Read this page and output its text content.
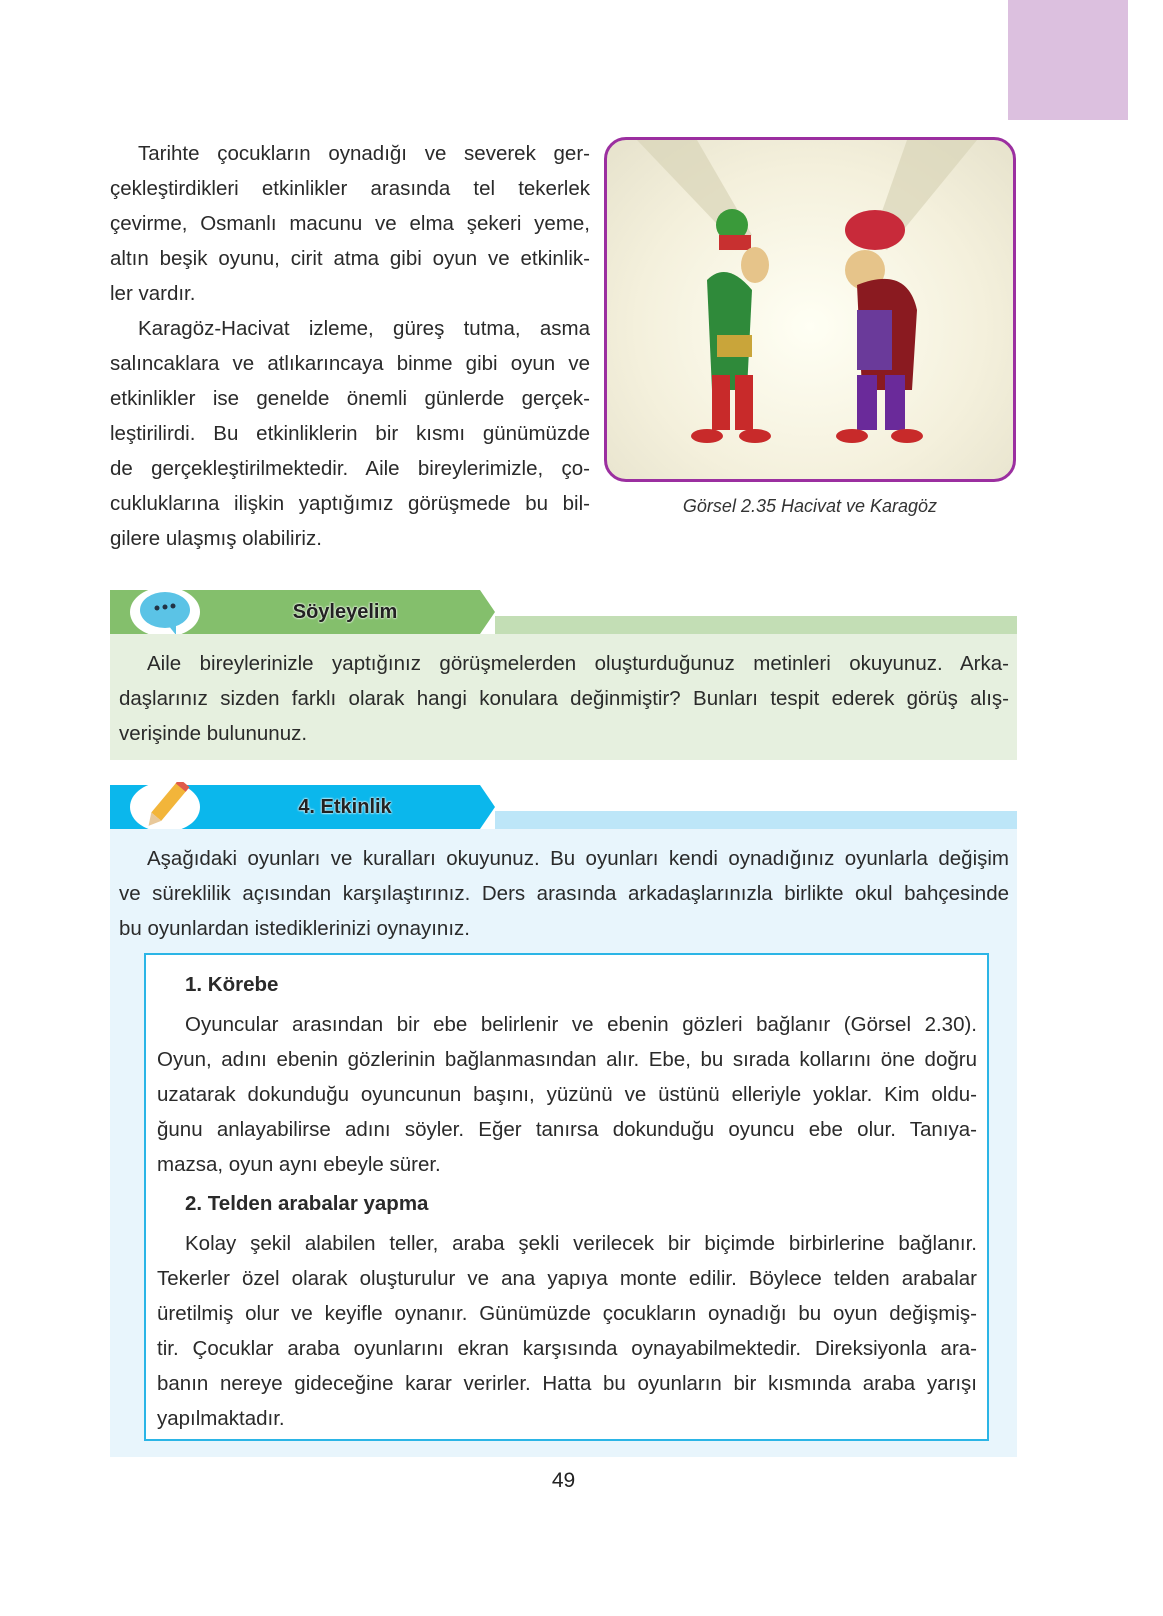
Tarihte çocukların oynadığı ve severek ger-
çekleştirdikleri etkinlikler arasında tel tekerlek
çevirme, Osmanlı macunu ve elma şekeri yeme,
altın beşik oyunu, cirit atma gibi oyun ve etkinlik-
ler vardır.
Karagöz-Hacivat izleme, güreş tutma, asma
salıncaklara ve atlıkarıncaya binme gibi oyun ve
etkinlikler ise genelde önemli günlerde gerçek-
leştirilirdi. Bu etkinliklerin bir kısmı günümüzde
de gerçekleştirilmektedir. Aile bireylerimizle, ço-
cukluklarına ilişkin yaptığımız görüşmede bu bil-
gilere ulaşmış olabiliriz.
Görsel 2.35 Hacivat ve Karagöz
Söyleyelim
Aile bireylerinizle yaptığınız görüşmelerden oluşturduğunuz metinleri okuyunuz. Arka-
daşlarınız sizden farklı olarak hangi konulara değinmiştir? Bunları tespit ederek görüş alış-
verişinde bulununuz.
4. Etkinlik
Aşağıdaki oyunları ve kuralları okuyunuz. Bu oyunları kendi oynadığınız oyunlarla değişim
ve süreklilik açısından karşılaştırınız. Ders arasında arkadaşlarınızla birlikte okul bahçesinde
bu oyunlardan istediklerinizi oynayınız.
1. Körebe
Oyuncular arasından bir ebe belirlenir ve ebenin gözleri bağlanır (Görsel 2.30).
Oyun, adını ebenin gözlerinin bağlanmasından alır. Ebe, bu sırada kollarını öne doğru
uzatarak dokunduğu oyuncunun başını, yüzünü ve üstünü elleriyle yoklar. Kim oldu-
ğunu anlayabilirse adını söyler. Eğer tanırsa dokunduğu oyuncu ebe olur. Tanıya-
mazsa, oyun aynı ebeyle sürer.
2. Telden arabalar yapma
Kolay şekil alabilen teller, araba şekli verilecek bir biçimde birbirlerine bağlanır.
Tekerler özel olarak oluşturulur ve ana yapıya monte edilir. Böylece telden arabalar
üretilmiş olur ve keyifle oynanır. Günümüzde çocukların oynadığı bu oyun değişmiş-
tir. Çocuklar araba oyunlarını ekran karşısında oynayabilmektedir. Direksiyonla ara-
banın nereye gideceğine karar verirler. Hatta bu oyunların bir kısmında araba yarışı
yapılmaktadır.
49
